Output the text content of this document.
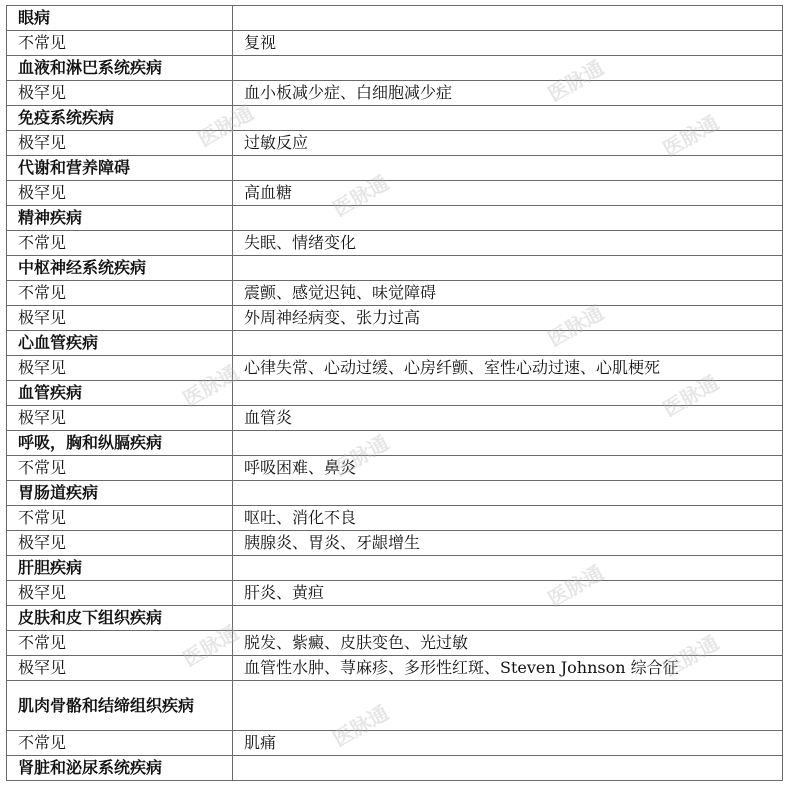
眼病	
不常见	复视
血液和淋巴系统疾病	
极罕见	血小板减少症、白细胞减少症
免疫系统疾病	
极罕见	过敏反应
代谢和营养障碍	
极罕见	高血糖
精神疾病	
不常见	失眠、情绪变化
中枢神经系统疾病	
不常见	震颤、感觉迟钝、味觉障碍
极罕见	外周神经病变、张力过高
心血管疾病	
极罕见	心律失常、心动过缓、心房纤颤、室性心动过速、心肌梗死
血管疾病	
极罕见	血管炎
呼吸，胸和纵膈疾病	
不常见	呼吸困难、鼻炎
胃肠道疾病	
不常见	呕吐、消化不良
极罕见	胰腺炎、胃炎、牙龈增生
肝胆疾病	
极罕见	肝炎、黄疸
皮肤和皮下组织疾病	
不常见	脱发、紫癜、皮肤变色、光过敏
极罕见	血管性水肿、荨麻疹、多形性红斑、Steven Johnson 综合征
肌肉骨骼和结缔组织疾病	
不常见	肌痛
肾脏和泌尿系统疾病	
医脉通
医脉通	医脉通
医脉通
医脉通
医脉通	医脉通
医脉通
医脉通
医脉通	医脉通
医脉通
